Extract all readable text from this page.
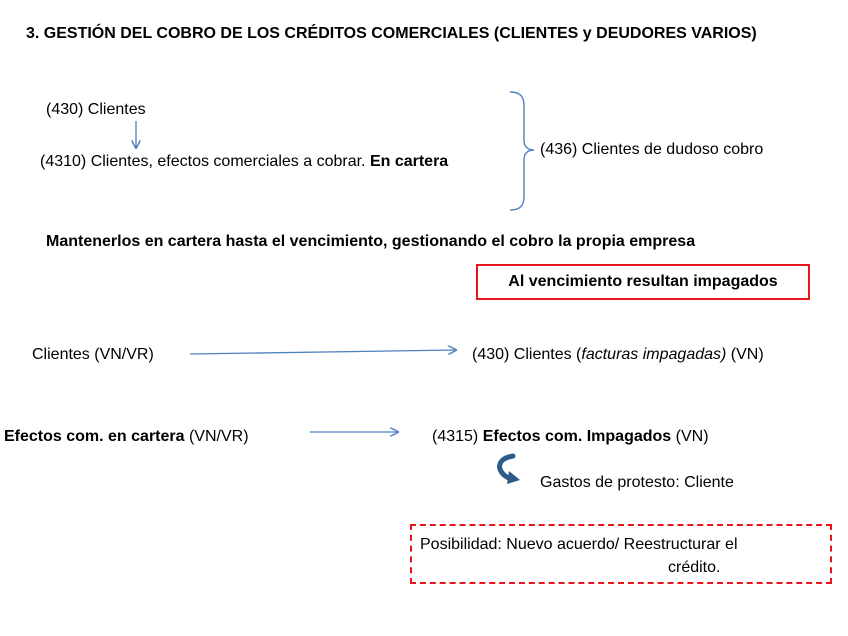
3. GESTIÓN DEL COBRO DE LOS CRÉDITOS COMERCIALES (CLIENTES y DEUDORES VARIOS)
(430) Clientes
(4310) Clientes, efectos comerciales a cobrar. En cartera
(436) Clientes de dudoso cobro
Mantenerlos en cartera hasta el vencimiento, gestionando el cobro la propia empresa
Al vencimiento resultan impagados
Clientes (VN/VR)	(430) Clientes (facturas impagadas) (VN)
Efectos com. en cartera (VN/VR)	(4315) Efectos com. Impagados (VN)
Gastos de protesto: Cliente
Posibilidad: Nuevo acuerdo/ Reestructurar el
crédito.
